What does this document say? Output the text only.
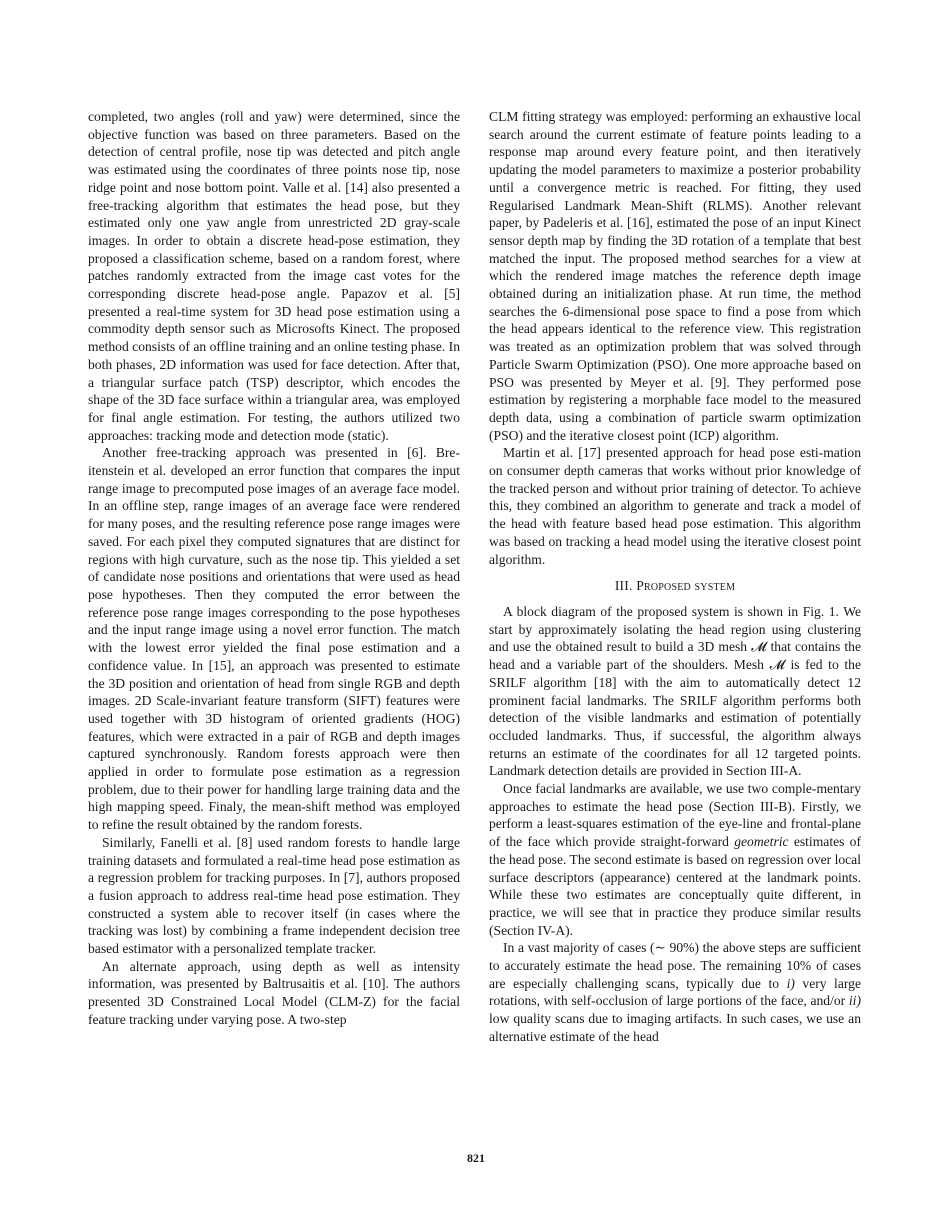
completed, two angles (roll and yaw) were determined, since the objective function was based on three parameters. Based on the detection of central profile, nose tip was detected and pitch angle was estimated using the coordinates of three points nose tip, nose ridge point and nose bottom point. Valle et al. [14] also presented a free-tracking algorithm that estimates the head pose, but they estimated only one yaw angle from unrestricted 2D gray-scale images. In order to obtain a discrete head-pose estimation, they proposed a classification scheme, based on a random forest, where patches randomly extracted from the image cast votes for the corresponding discrete head-pose angle. Papazov et al. [5] presented a real-time system for 3D head pose estimation using a commodity depth sensor such as Microsofts Kinect. The proposed method consists of an offline training and an online testing phase. In both phases, 2D information was used for face detection. After that, a triangular surface patch (TSP) descriptor, which encodes the shape of the 3D face surface within a triangular area, was employed for final angle estimation. For testing, the authors utilized two approaches: tracking mode and detection mode (static).

Another free-tracking approach was presented in [6]. Bre-itenstein et al. developed an error function that compares the input range image to precomputed pose images of an average face model. In an offline step, range images of an average face were rendered for many poses, and the resulting reference pose range images were saved. For each pixel they computed signatures that are distinct for regions with high curvature, such as the nose tip. This yielded a set of candidate nose positions and orientations that were used as head pose hypotheses. Then they computed the error between the reference pose range images corresponding to the pose hypotheses and the input range image using a novel error function. The match with the lowest error yielded the final pose estimation and a confidence value. In [15], an approach was presented to estimate the 3D position and orientation of head from single RGB and depth images. 2D Scale-invariant feature transform (SIFT) features were used together with 3D histogram of oriented gradients (HOG) features, which were extracted in a pair of RGB and depth images captured synchronously. Random forests approach were then applied in order to formulate pose estimation as a regression problem, due to their power for handling large training data and the high mapping speed. Finaly, the mean-shift method was employed to refine the result obtained by the random forests.

Similarly, Fanelli et al. [8] used random forests to handle large training datasets and formulated a real-time head pose estimation as a regression problem for tracking purposes. In [7], authors proposed a fusion approach to address real-time head pose estimation. They constructed a system able to recover itself (in cases where the tracking was lost) by combining a frame independent decision tree based estimator with a personalized template tracker.

An alternate approach, using depth as well as intensity information, was presented by Baltrusaitis et al. [10]. The authors presented 3D Constrained Local Model (CLM-Z) for the facial feature tracking under varying pose. A two-step

CLM fitting strategy was employed: performing an exhaustive local search around the current estimate of feature points leading to a response map around every feature point, and then iteratively updating the model parameters to maximize a posterior probability until a convergence metric is reached. For fitting, they used Regularised Landmark Mean-Shift (RLMS). Another relevant paper, by Padeleris et al. [16], estimated the pose of an input Kinect sensor depth map by finding the 3D rotation of a template that best matched the input. The proposed method searches for a view at which the rendered image matches the reference depth image obtained during an initialization phase. At run time, the method searches the 6-dimensional pose space to find a pose from which the head appears identical to the reference view. This registration was treated as an optimization problem that was solved through Particle Swarm Optimization (PSO). One more approache based on PSO was presented by Meyer et al. [9]. They performed pose estimation by registering a morphable face model to the measured depth data, using a combination of particle swarm optimization (PSO) and the iterative closest point (ICP) algorithm.

Martin et al. [17] presented approach for head pose esti-mation on consumer depth cameras that works without prior knowledge of the tracked person and without prior training of detector. To achieve this, they combined an algorithm to generate and track a model of the head with feature based head pose estimation. This algorithm was based on tracking a head model using the iterative closest point algorithm.

III. Proposed system

A block diagram of the proposed system is shown in Fig. 1. We start by approximately isolating the head region using clustering and use the obtained result to build a 3D mesh 𝓜 that contains the head and a variable part of the shoulders. Mesh 𝓜 is fed to the SRILF algorithm [18] with the aim to automatically detect 12 prominent facial landmarks. The SRILF algorithm performs both detection of the visible landmarks and estimation of potentially occluded landmarks. Thus, if successful, the algorithm always returns an estimate of the coordinates for all 12 targeted points. Landmark detection details are provided in Section III-A.

Once facial landmarks are available, we use two comple-mentary approaches to estimate the head pose (Section III-B). Firstly, we perform a least-squares estimation of the eye-line and frontal-plane of the face which provide straight-forward geometric estimates of the head pose. The second estimate is based on regression over local surface descriptors (appearance) centered at the landmark points. While these two estimates are conceptually quite different, in practice, we will see that in practice they produce similar results (Section IV-A).

In a vast majority of cases (∼ 90%) the above steps are sufficient to accurately estimate the head pose. The remaining 10% of cases are especially challenging scans, typically due to i) very large rotations, with self-occlusion of large portions of the face, and/or ii) low quality scans due to imaging artifacts. In such cases, we use an alternative estimate of the head

821
